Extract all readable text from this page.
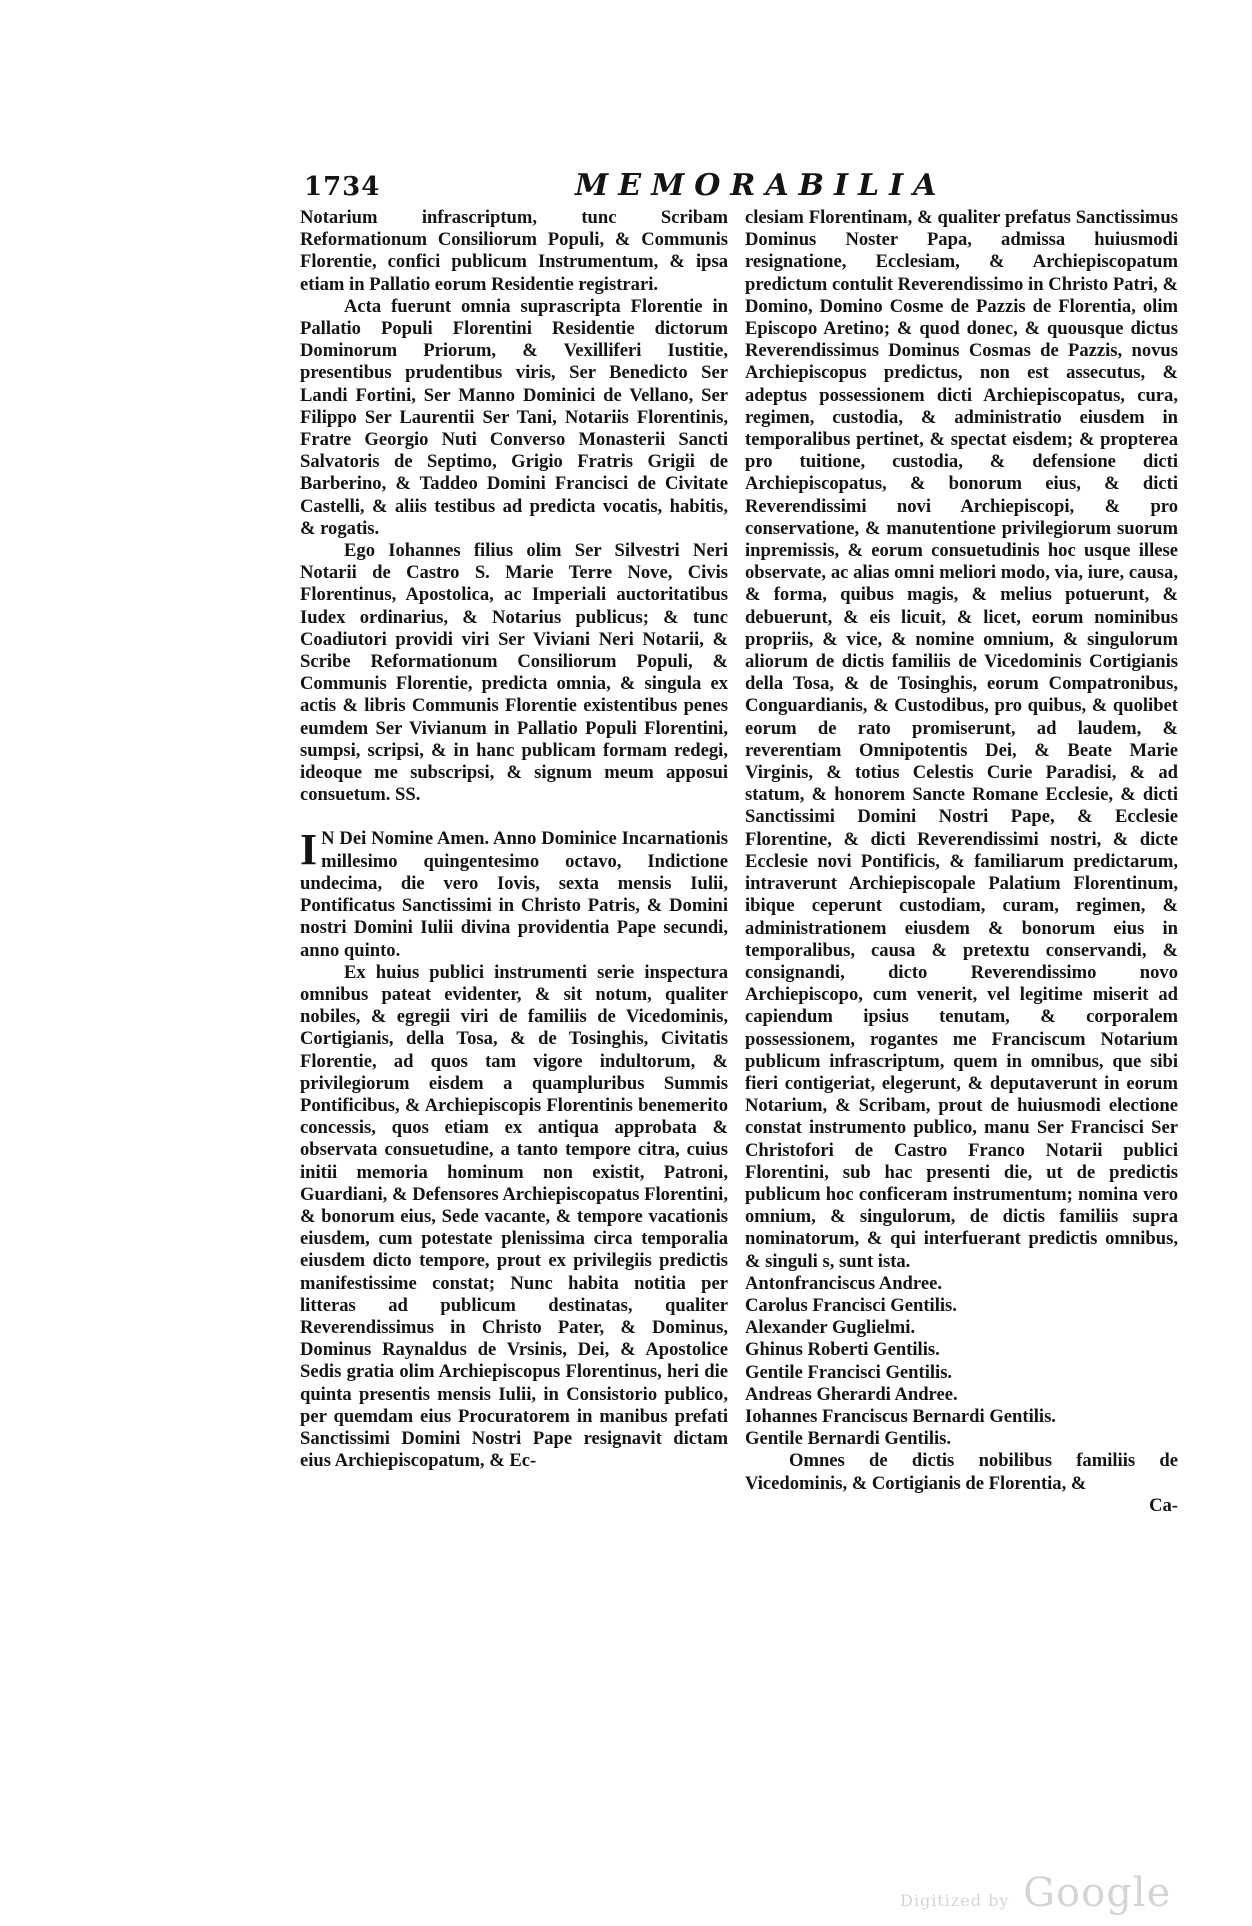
1734	MEMORABILIA

Notarium infrascriptum, tunc Scribam Reformationum Consiliorum Populi, & Communis Florentie, confici publicum Instrumentum, & ipsa etiam in Pallatio eorum Residentie registrari.

Acta fuerunt omnia suprascripta Florentie in Pallatio Populi Florentini Residentie dictorum Dominorum Priorum, & Vexilliferi Iustitie, presentibus prudentibus viris, Ser Benedicto Ser Landi Fortini, Ser Manno Dominici de Vellano, Ser Filippo Ser Laurentii Ser Tani, Notariis Florentinis, Fratre Georgio Nuti Converso Monasterii Sancti Salvatoris de Septimo, Grigio Fratris Grigii de Barberino, & Taddeo Domini Francisci de Civitate Castelli, & aliis testibus ad predicta vocatis, habitis, & rogatis.

Ego Iohannes filius olim Ser Silvestri Neri Notarii de Castro S. Marie Terre Nove, Civis Florentinus, Apostolica, ac Imperiali auctoritatibus Iudex ordinarius, & Notarius publicus; & tunc Coadiutori providi viri Ser Viviani Neri Notarii, & Scribe Reformationum Consiliorum Populi, & Communis Florentie, predicta omnia, & singula ex actis & libris Communis Florentie existentibus penes eumdem Ser Vivianum in Pallatio Populi Florentini, sumpsi, scripsi, & in hanc publicam formam redegi, ideoque me subscripsi, & signum meum apposui consuetum. SS.

I N Dei Nomine Amen. Anno Dominice Incarnationis millesimo quingentesimo octavo, Indictione undecima, die vero Iovis, sexta mensis Iulii, Pontificatus Sanctissimi in Christo Patris, & Domini nostri Domini Iulii divina providentia Pape secundi, anno quinto.

Ex huius publici instrumenti serie inspectura omnibus pateat evidenter, & sit notum, qualiter nobiles, & egregii viri de familiis de Vicedominis, Cortigianis, della Tosa, & de Tosinghis, Civitatis Florentie, ad quos tam vigore indultorum, & privilegiorum eisdem a quampluribus Summis Pontificibus, & Archiepiscopis Florentinis benemerito concessis, quos etiam ex antiqua approbata & observata consuetudine, a tanto tempore citra, cuius initii memoria hominum non existit, Patroni, Guardiani, & Defensores Archiepiscopatus Florentini, & bonorum eius, Sede vacante, & tempore vacationis eiusdem, cum potestate plenissima circa temporalia eiusdem dicto tempore, prout ex privilegiis predictis manifestissime constat; Nunc habita notitia per litteras ad publicum destinatas, qualiter Reverendissimus in Christo Pater, & Dominus, Dominus Raynaldus de Vrsinis, Dei, & Apostolice Sedis gratia olim Archiepiscopus Florentinus, heri die quinta presentis mensis Iulii, in Consistorio publico, per quemdam eius Procuratorem in manibus prefati Sanctissimi Domini Nostri Pape resignavit dictam eius Archiepiscopatum, & Ec-

clesiam Florentinam, & qualiter prefatus Sanctissimus Dominus Noster Papa, admissa huiusmodi resignatione, Ecclesiam, & Archiepiscopatum predictum contulit Reverendissimo in Christo Patri, & Domino, Domino Cosme de Pazzis de Florentia, olim Episcopo Aretino; & quod donec, & quousque dictus Reverendissimus Dominus Cosmas de Pazzis, novus Archiepiscopus predictus, non est assecutus, & adeptus possessionem dicti Archiepiscopatus, cura, regimen, custodia, & administratio eiusdem in temporalibus pertinet, & spectat eisdem; & propterea pro tuitione, custodia, & defensione dicti Archiepiscopatus, & bonorum eius, & dicti Reverendissimi novi Archiepiscopi, & pro conservatione, & manutentione privilegiorum suorum inpremissis, & eorum consuetudinis hoc usque illese observate, ac alias omni meliori modo, via, iure, causa, & forma, quibus magis, & melius potuerunt, & debuerunt, & eis licuit, & licet, eorum nominibus propriis, & vice, & nomine omnium, & singulorum aliorum de dictis familiis de Vicedominis Cortigianis della Tosa, & de Tosinghis, eorum Compatronibus, Conguardianis, & Custodibus, pro quibus, & quolibet eorum de rato promiserunt, ad laudem, & reverentiam Omnipotentis Dei, & Beate Marie Virginis, & totius Celestis Curie Paradisi, & ad statum, & honorem Sancte Romane Ecclesie, & dicti Sanctissimi Domini Nostri Pape, & Ecclesie Florentine, & dicti Reverendissimi nostri, & dicte Ecclesie novi Pontificis, & familiarum predictarum, intraverunt Archiepiscopale Palatium Florentinum, ibique ceperunt custodiam, curam, regimen, & administrationem eiusdem & bonorum eius in temporalibus, causa & pretextu conservandi, & consignandi, dicto Reverendissimo novo Archiepiscopo, cum venerit, vel legitime miserit ad capiendum ipsius tenutam, & corporalem possessionem, rogantes me Franciscum Notarium publicum infrascriptum, quem in omnibus, que sibi fieri contigeriat, elegerunt, & deputaverunt in eorum Notarium, & Scribam, prout de huiusmodi electione constat instrumento publico, manu Ser Francisci Ser Christofori de Castro Franco Notarii publici Florentini, sub hac presenti die, ut de predictis publicum hoc conficeram instrumentum; nomina vero omnium, & singulorum, de dictis familiis supra nominatorum, & qui interfuerant predictis omnibus, & singuli s, sunt ista.

Antonfranciscus Andree.
Carolus Francisci Gentilis.
Alexander Guglielmi.
Ghinus Roberti Gentilis.
Gentile Francisci Gentilis.
Andreas Gherardi Andree.
Iohannes Franciscus Bernardi Gentilis.
Gentile Bernardi Gentilis.

Omnes de dictis nobilibus familiis de Vicedominis, & Cortigianis de Florentia, &

Ca-

Digitized by Google
